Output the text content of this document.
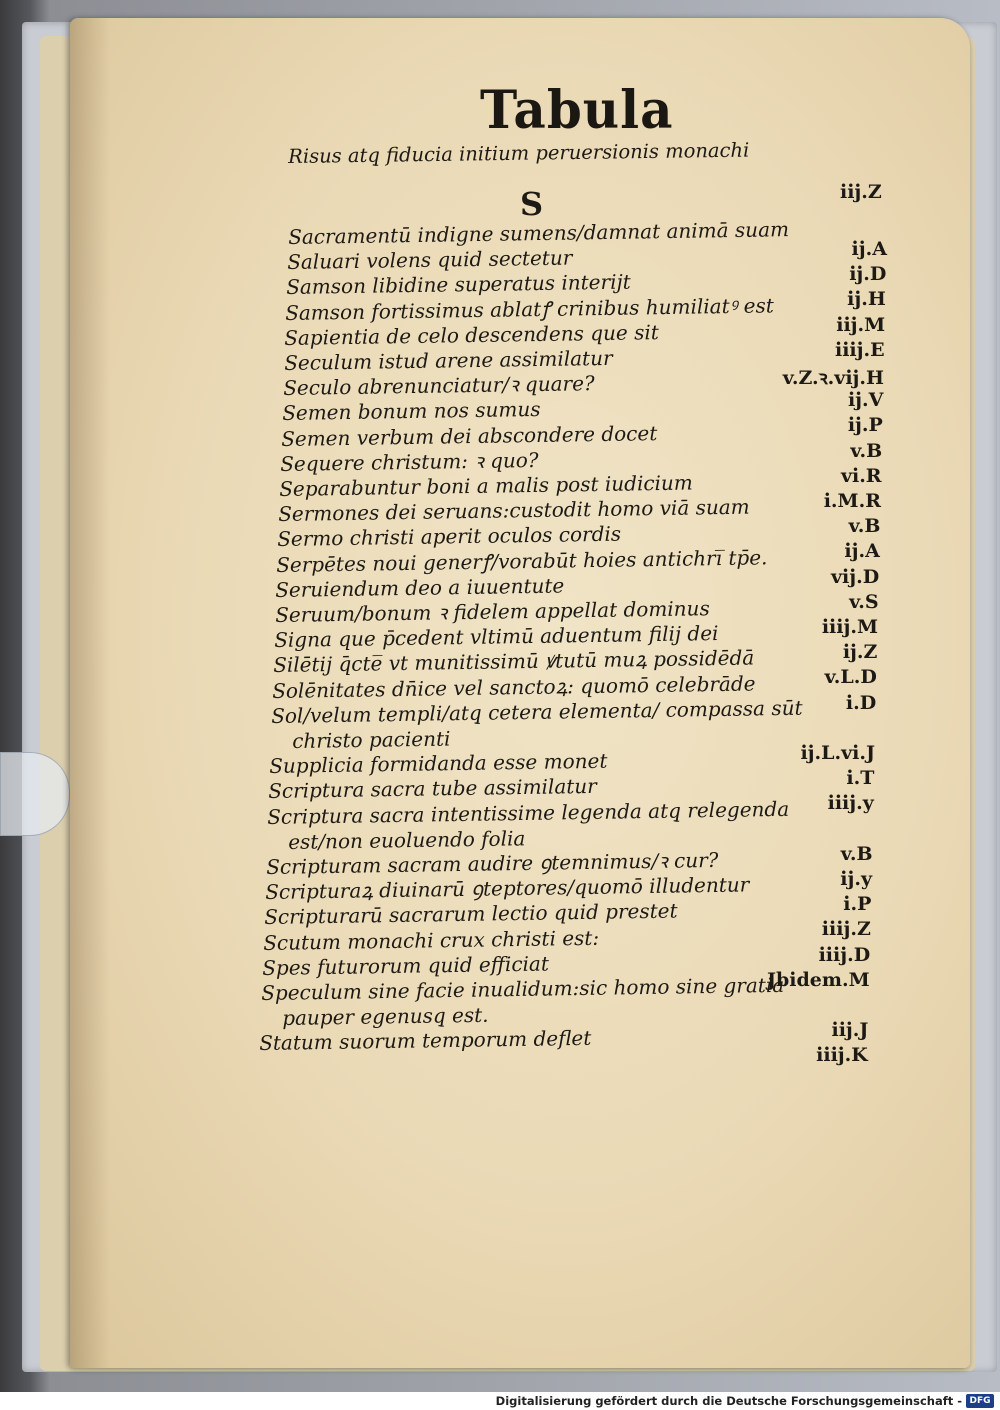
Tabula
Risus atq̧ fiducia initium peruersionis monachi
iij.Z
S
Sacramentū indigne sumens/damnat animā suam
ij.A
Saluari volens quid sectetur
ij.D
Samson libidine superatus interijt
ij.H
Samson fortissimus ablatꝭ crinibus humiliatꝰ est
iij.M
Sapientia de celo descendens que sit
iiij.E
Seculum istud arene assimilatur
v.Z.ꝛ.vij.H
Seculo abrenunciatur/ꝛ quare?
ij.V
Semen bonum nos sumus
ij.P
Semen verbum dei abscondere docet
v.B
Sequere christum: ꝛ quo?
vi.R
Separabuntur boni a malis post iudicium
i.M.R
Sermones dei seruans:custodit homo viā suam
v.B
Sermo christi aperit oculos cordis
ij.A
Serpētes noui generꝭ/vorabūt hoies antichri̅ tp̄e.
vij.D
Seruiendum deo a iuuentute
v.S
Seruum/bonum ꝛ fidelem appellat dominus
iiij.M
Signa que p̄cedent vltimū aduentum filij dei
ij.Z
Silētij q̄cte̅ vt munitissimū ꝟtutū muꝝ possidēdā
v.L.D
Solēnitates dn̄ice vel sanctoꝝ: quomō celebrāde
i.D
Sol/velum templi/atq̧ cetera elementa/ compassa sūt
christo pacienti
ij.L.vi.J
Supplicia formidanda esse monet
i.T
Scriptura sacra tube assimilatur
iiij.y
Scriptura sacra intentissime legenda atq̧ relegenda
est/non euoluendo folia
v.B
Scripturam sacram audire ꝯtemnimus/ꝛ cur?
ij.y
Scripturaꝝ diuinarū ꝯteptores/quomō illudentur
i.P
Scripturarū sacrarum lectio quid prestet
iiij.Z
Scutum monachi crux christi est:
iiij.D
Spes futurorum quid efficiat
Jbidem.M
Speculum sine facie inualidum:sic homo sine gratia
pauper egenusq̧ est.
iij.J
Statum suorum temporum deflet
iiij.K
Digitalisierung gefördert durch die Deutsche Forschungsgemeinschaft - DFG
